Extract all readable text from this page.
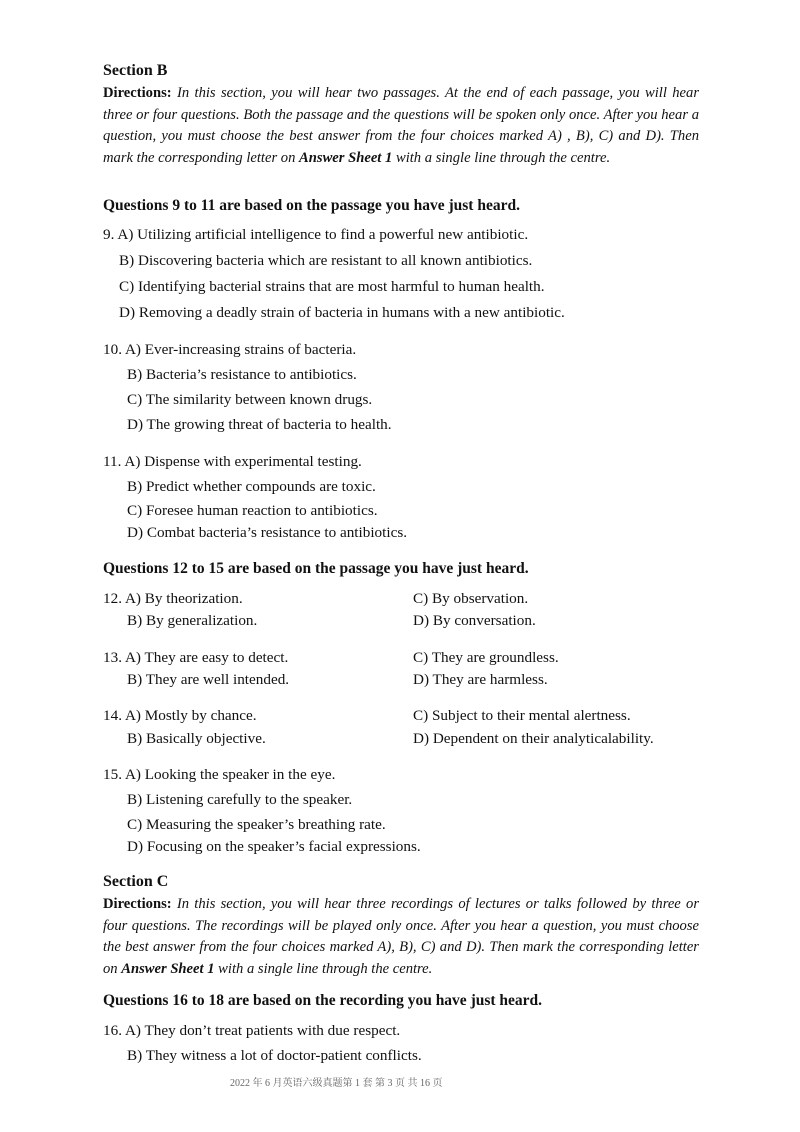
Section B
Directions: In this section, you will hear two passages. At the end of each passage, you will hear three or four questions. Both the passage and the questions will be spoken only once. After you hear a question, you must choose the best answer from the four choices marked A) , B), C) and D). Then mark the corresponding letter on Answer Sheet 1 with a single line through the centre.
Questions 9 to 11 are based on the passage you have just heard.
9. A) Utilizing artificial intelligence to find a powerful new antibiotic.
B) Discovering bacteria which are resistant to all known antibiotics.
C) Identifying bacterial strains that are most harmful to human health.
D) Removing a deadly strain of bacteria in humans with a new antibiotic.
10. A) Ever-increasing strains of bacteria.
B) Bacteria’s resistance to antibiotics.
C) The similarity between known drugs.
D) The growing threat of bacteria to health.
11. A) Dispense with experimental testing.
B) Predict whether compounds are toxic.
C) Foresee human reaction to antibiotics.
D) Combat bacteria’s resistance to antibiotics.
Questions 12 to 15 are based on the passage you have just heard.
12. A) By theorization.
B) By generalization.
C) By observation.
D) By conversation.
13. A) They are easy to detect.
B) They are well intended.
C) They are groundless.
D) They are harmless.
14. A) Mostly by chance.
B) Basically objective.
C) Subject to their mental alertness.
D) Dependent on their analyticalability.
15. A) Looking the speaker in the eye.
B) Listening carefully to the speaker.
C) Measuring the speaker’s breathing rate.
D) Focusing on the speaker’s facial expressions.
Section C
Directions: In this section, you will hear three recordings of lectures or talks followed by three or four questions. The recordings will be played only once. After you hear a question, you must choose the best answer from the four choices marked A), B), C) and D). Then mark the corresponding letter on Answer Sheet 1 with a single line through the centre.
Questions 16 to 18 are based on the recording you have just heard.
16. A) They don’t treat patients with due respect.
B) They witness a lot of doctor-patient conflicts.
2022 年 6 月英语六级真题第 1 套 第 3 页 共 16 页
